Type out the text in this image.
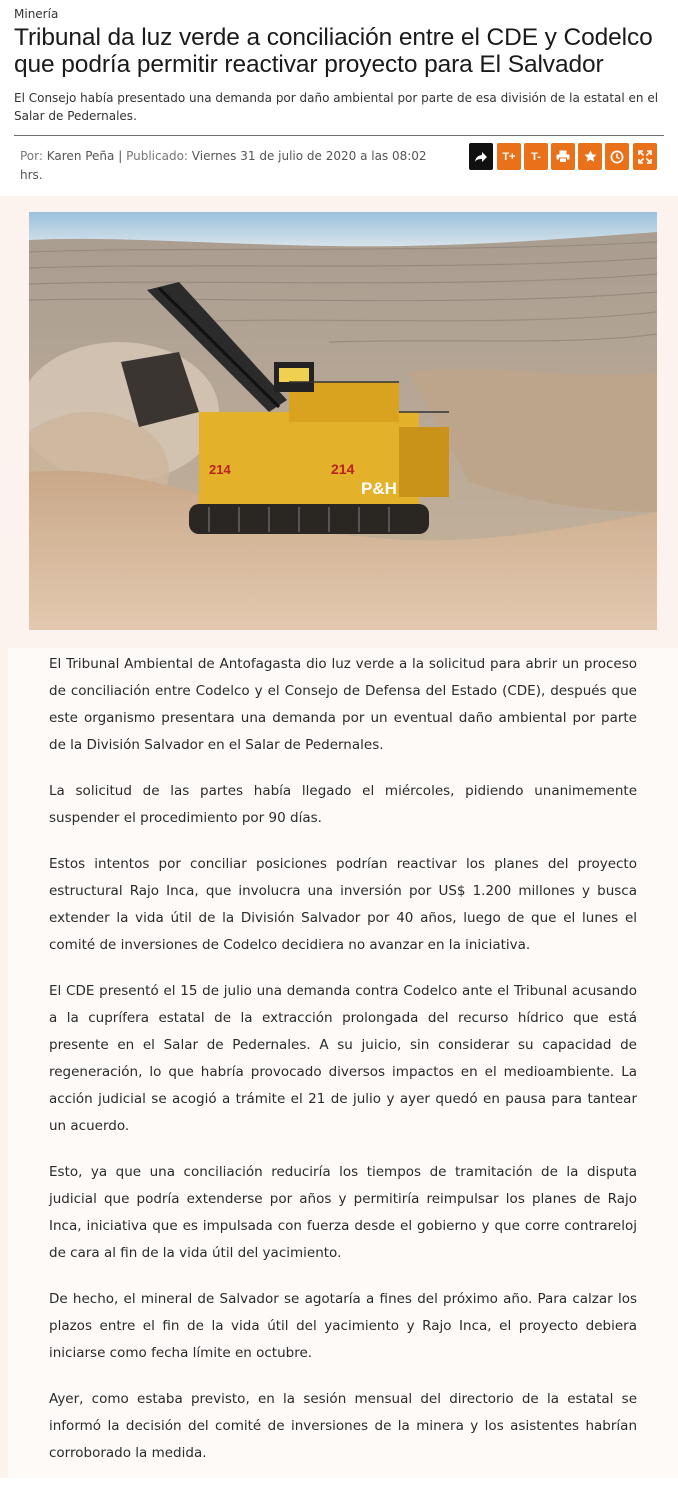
Minería
Tribunal da luz verde a conciliación entre el CDE y Codelco que podría permitir reactivar proyecto para El Salvador

El Consejo había presentado una demanda por daño ambiental por parte de esa división de la estatal en el Salar de Pedernales.

Por: Karen Peña | Publicado: Viernes 31 de julio de 2020 a las 08:02 hrs.
T+	T-
214	214
P&H

El Tribunal Ambiental de Antofagasta dio luz verde a la solicitud para abrir un proceso de conciliación entre Codelco y el Consejo de Defensa del Estado (CDE), después que este organismo presentara una demanda por un eventual daño ambiental por parte de la División Salvador en el Salar de Pedernales.

La solicitud de las partes había llegado el miércoles, pidiendo unanimemente suspender el procedimiento por 90 días.

Estos intentos por conciliar posiciones podrían reactivar los planes del proyecto estructural Rajo Inca, que involucra una inversión por US$ 1.200 millones y busca extender la vida útil de la División Salvador por 40 años, luego de que el lunes el comité de inversiones de Codelco decidiera no avanzar en la iniciativa.

El CDE presentó el 15 de julio una demanda contra Codelco ante el Tribunal acusando a la cuprífera estatal de la extracción prolongada del recurso hídrico que está presente en el Salar de Pedernales. A su juicio, sin considerar su capacidad de regeneración, lo que habría provocado diversos impactos en el medioambiente. La acción judicial se acogió a trámite el 21 de julio y ayer quedó en pausa para tantear un acuerdo.

Esto, ya que una conciliación reduciría los tiempos de tramitación de la disputa judicial que podría extenderse por años y permitiría reimpulsar los planes de Rajo Inca, iniciativa que es impulsada con fuerza desde el gobierno y que corre contrareloj de cara al fin de la vida útil del yacimiento.

De hecho, el mineral de Salvador se agotaría a fines del próximo año. Para calzar los plazos entre el fin de la vida útil del yacimiento y Rajo Inca, el proyecto debiera iniciarse como fecha límite en octubre.

Ayer, como estaba previsto, en la sesión mensual del directorio de la estatal se informó la decisión del comité de inversiones de la minera y los asistentes habrían corroborado la medida.
